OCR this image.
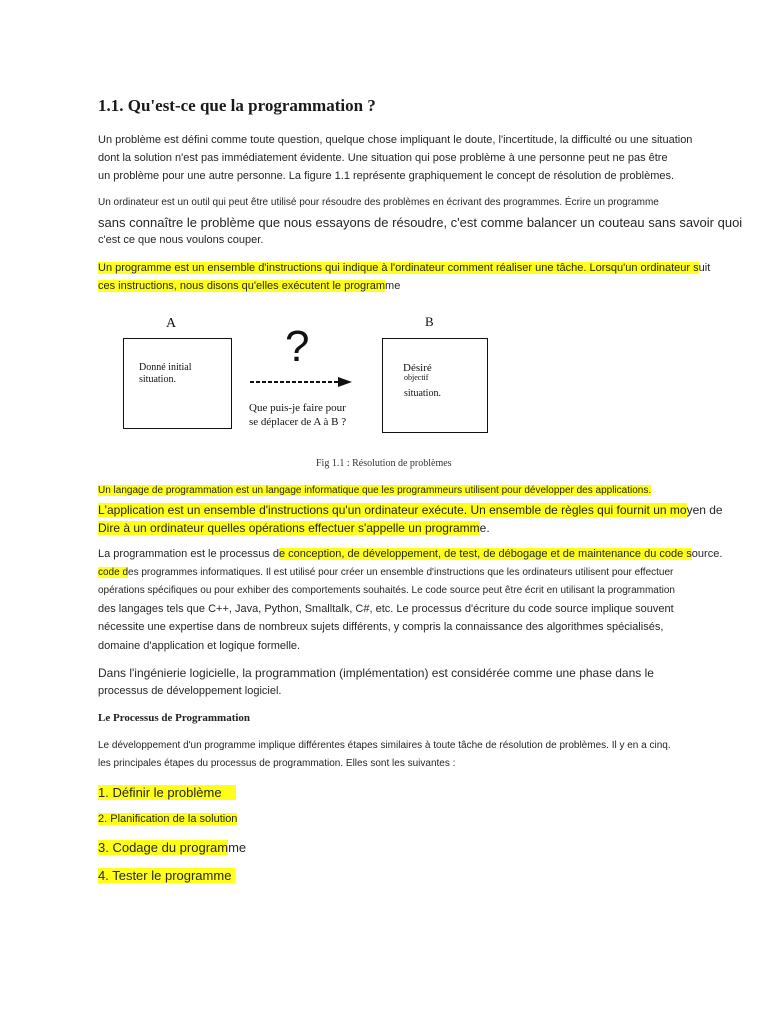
1.1. Qu'est-ce que la programmation ?
Un problème est défini comme toute question, quelque chose impliquant le doute, l'incertitude, la difficulté ou une situation
dont la solution n'est pas immédiatement évidente. Une situation qui pose problème à une personne peut ne pas être
un problème pour une autre personne. La figure 1.1 représente graphiquement le concept de résolution de problèmes.
Un ordinateur est un outil qui peut être utilisé pour résoudre des problèmes en écrivant des programmes. Écrire un programme
sans connaître le problème que nous essayons de résoudre, c'est comme balancer un couteau sans savoir quoi
c'est ce que nous voulons couper.
Un programme est un ensemble d'instructions qui indique à l'ordinateur comment réaliser une tâche. Lorsqu'un ordinateur suit
ces instructions, nous disons qu'elles exécutent le programme
A	B
Donné initial
situation.
?
Que puis-je faire pour
se déplacer de A à B ?
Désiré
objectif
situation.
Fig 1.1 : Résolution de problèmes
Un langage de programmation est un langage informatique que les programmeurs utilisent pour développer des applications.
L'application est un ensemble d'instructions qu'un ordinateur exécute. Un ensemble de règles qui fournit un moyen de
Dire à un ordinateur quelles opérations effectuer s'appelle un programme.
La programmation est le processus de conception, de développement, de test, de débogage et de maintenance du code source.
code des programmes informatiques. Il est utilisé pour créer un ensemble d'instructions que les ordinateurs utilisent pour effectuer
opérations spécifiques ou pour exhiber des comportements souhaités. Le code source peut être écrit en utilisant la programmation
des langages tels que C++, Java, Python, Smalltalk, C#, etc. Le processus d'écriture du code source implique souvent
nécessite une expertise dans de nombreux sujets différents, y compris la connaissance des algorithmes spécialisés,
domaine d'application et logique formelle.
Dans l'ingénierie logicielle, la programmation (implémentation) est considérée comme une phase dans le
processus de développement logiciel.
Le Processus de Programmation
Le développement d'un programme implique différentes étapes similaires à toute tâche de résolution de problèmes. Il y en a cinq.
les principales étapes du processus de programmation. Elles sont les suivantes :
1. Définir le problème
2. Planification de la solution
3. Codage du programme
4. Tester le programme
